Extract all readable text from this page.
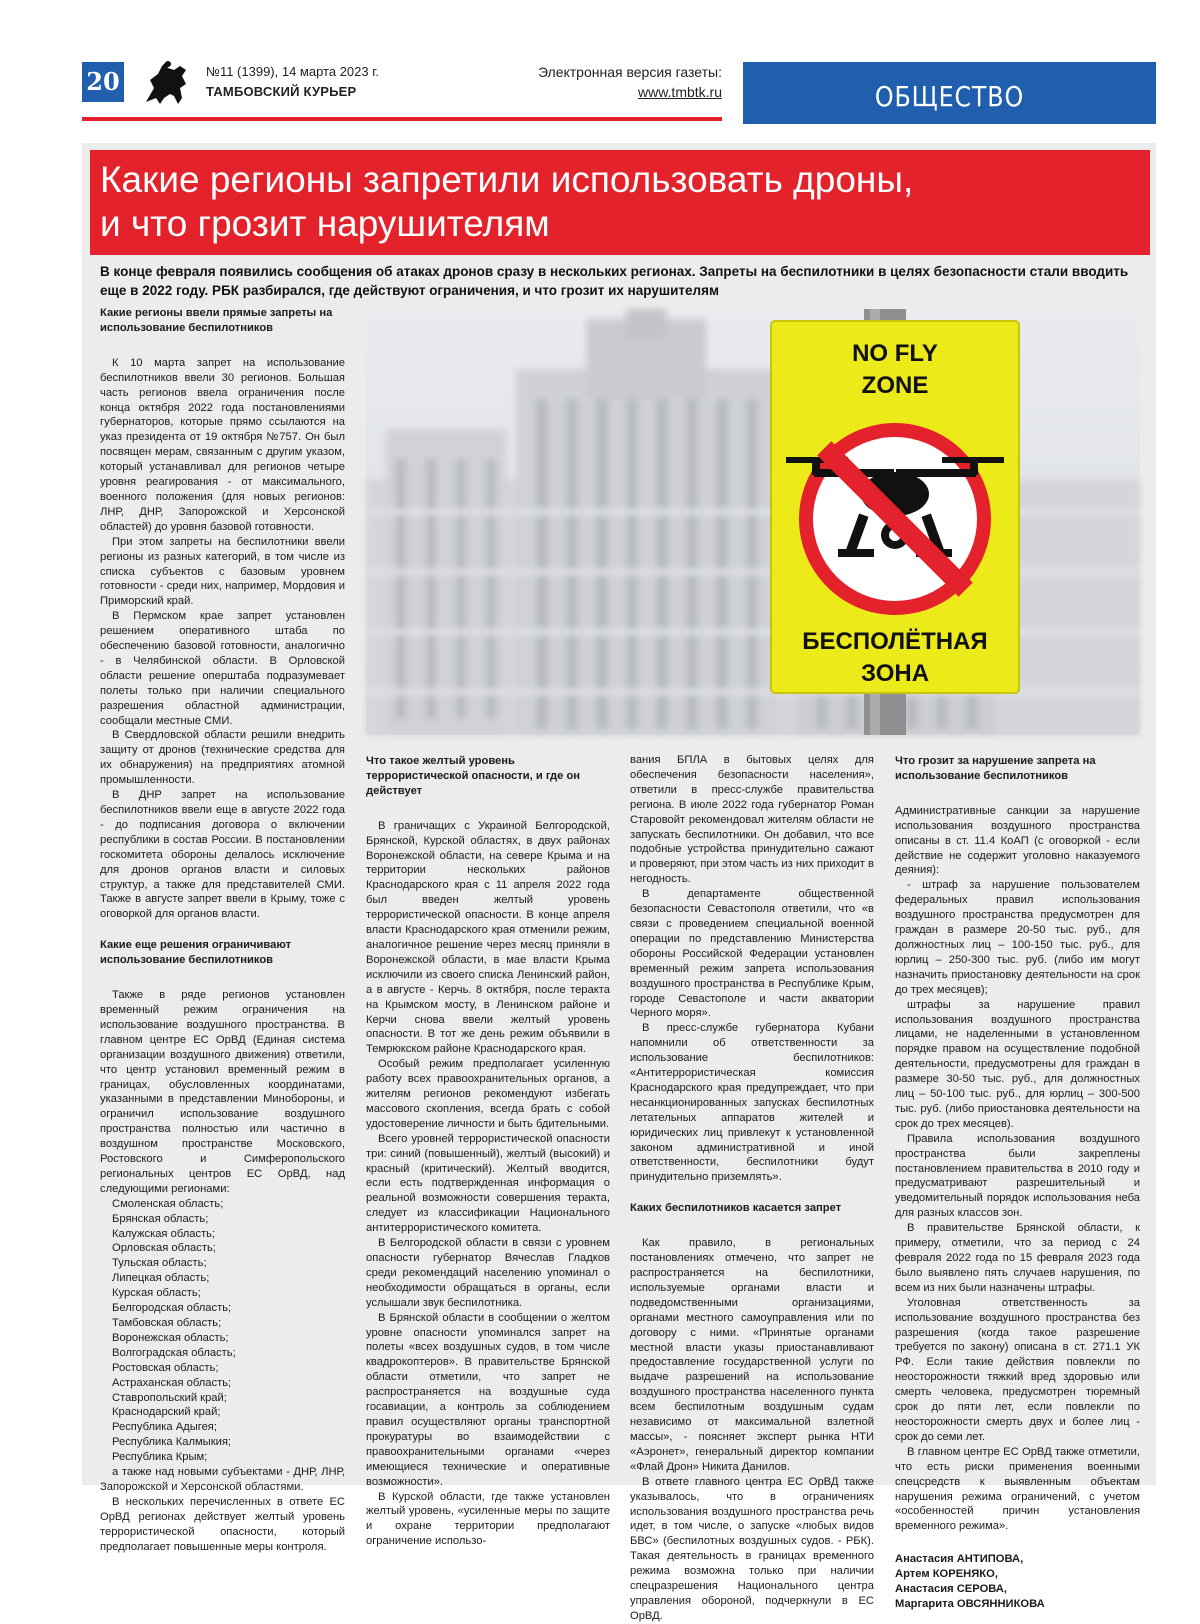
20	№11 (1399), 14 марта 2023 г.
ТАМБОВСКИЙ КУРЬЕР
Электронная версия газеты:
www.tmbtk.ru	ОБЩЕСТВО
Какие регионы запретили использовать дроны,
и что грозит нарушителям
В конце февраля появились сообщения об атаках дронов сразу в нескольких регионах. Запреты на беспилотники в целях безопасности стали вводить еще в 2022 году. РБК разбирался, где действуют ограничения, и что грозит их нарушителям
NO FLY
ZONE
БЕСПОЛЁТНАЯ
ЗОНА
Какие регионы ввели прямые запреты на использование беспилотников

К 10 марта запрет на использование беспилотников ввели 30 регионов. Большая часть регионов ввела ограничения после конца октября 2022 года постановлениями губернаторов, которые прямо ссылаются на указ президента от 19 октября №757. Он был посвящен мерам, связанным с другим указом, который устанавливал для регионов четыре уровня реагирования - от максимального, военного положения (для новых регионов: ЛНР, ДНР, Запорожской и Херсонской областей) до уровня базовой готовности.

При этом запреты на беспилотники ввели регионы из разных категорий, в том числе из списка субъектов с базовым уровнем готовности - среди них, например, Мордовия и Приморский край.

В Пермском крае запрет установлен решением оперативного штаба по обеспечению базовой готовности, аналогично - в Челябинской области. В Орловской области решение оперштаба подразумевает полеты только при наличии специального разрешения областной администрации, сообщали местные СМИ.

В Свердловской области решили внедрить защиту от дронов (технические средства для их обнаружения) на предприятиях атомной промышленности.

В ДНР запрет на использование беспилотников ввели еще в августе 2022 года - до подписания договора о включении республики в состав России. В постановлении госкомитета обороны делалось исключение для дронов органов власти и силовых структур, а также для представителей СМИ. Также в августе запрет ввели в Крыму, тоже с оговоркой для органов власти.

Какие еще решения ограничивают использование беспилотников

Также в ряде регионов установлен временный режим ограничения на использование воздушного пространства. В главном центре ЕС ОрВД (Единая система организации воздушного движения) ответили, что центр установил временный режим в границах, обусловленных координатами, указанными в представлении Минобороны, и ограничил использование воздушного пространства полностью или частично в воздушном пространстве Московского, Ростовского и Симферопольского региональных центров ЕС ОрВД, над следующими регионами:

Смоленская область;
Брянская область;
Калужская область;
Орловская область;
Тульская область;
Липецкая область;
Курская область;
Белгородская область;
Тамбовская область;
Воронежская область;
Волгоградская область;
Ростовская область;
Астраханская область;
Ставропольский край;
Краснодарский край;
Республика Адыгея;
Республика Калмыкия;
Республика Крым;

а также над новыми субъектами - ДНР, ЛНР, Запорожской и Херсонской областями.

В нескольких перечисленных в ответе ЕС ОрВД регионах действует желтый уровень террористической опасности, который предполагает повышенные меры контроля.

Что такое желтый уровень террористической опасности, и где он действует

В граничащих с Украиной Белгородской, Брянской, Курской областях, в двух районах Воронежской области, на севере Крыма и на территории нескольких районов Краснодарского края с 11 апреля 2022 года был введен желтый уровень террористической опасности. В конце апреля власти Краснодарского края отменили режим, аналогичное решение через месяц приняли в Воронежской области, в мае власти Крыма исключили из своего списка Ленинский район, а в августе - Керчь. 8 октября, после теракта на Крымском мосту, в Ленинском районе и Керчи снова ввели желтый уровень опасности. В тот же день режим объявили в Темрюкском районе Краснодарского края.

Особый режим предполагает усиленную работу всех правоохранительных органов, а жителям регионов рекомендуют избегать массового скопления, всегда брать с собой удостоверение личности и быть бдительными.

Всего уровней террористической опасности три: синий (повышенный), желтый (высокий) и красный (критический). Желтый вводится, если есть подтвержденная информация о реальной возможности совершения теракта, следует из классификации Национального антитеррористического комитета.

В Белгородской области в связи с уровнем опасности губернатор Вячеслав Гладков среди рекомендаций населению упоминал о необходимости обращаться в органы, если услышали звук беспилотника.

В Брянской области в сообщении о желтом уровне опасности упоминался запрет на полеты «всех воздушных судов, в том числе квадрокоптеров». В правительстве Брянской области отметили, что запрет не распространяется на воздушные суда госавиации, а контроль за соблюдением правил осуществляют органы транспортной прокуратуры во взаимодействии с правоохранительными органами «через имеющиеся технические и оперативные возможности».

В Курской области, где также установлен желтый уровень, «усиленные меры по защите и охране территории предполагают ограничение использо-

вания БПЛА в бытовых целях для обеспечения безопасности населения», ответили в пресс-службе правительства региона. В июле 2022 года губернатор Роман Старовойт рекомендовал жителям области не запускать беспилотники. Он добавил, что все подобные устройства принудительно сажают и проверяют, при этом часть из них приходит в негодность.

В департаменте общественной безопасности Севастополя ответили, что «в связи с проведением специальной военной операции по представлению Министерства обороны Российской Федерации установлен временный режим запрета использования воздушного пространства в Республике Крым, городе Севастополе и части акватории Черного моря».

В пресс-службе губернатора Кубани напомнили об ответственности за использование беспилотников: «Антитеррористическая комиссия Краснодарского края предупреждает, что при несанкционированных запусках беспилотных летательных аппаратов жителей и юридических лиц привлекут к установленной законом административной и иной ответственности, беспилотники будут принудительно приземлять».

Каких беспилотников касается запрет

Как правило, в региональных постановлениях отмечено, что запрет не распространяется на беспилотники, используемые органами власти и подведомственными организациями, органами местного самоуправления или по договору с ними. «Принятые органами местной власти указы приостанавливают предоставление государственной услуги по выдаче разрешений на использование воздушного пространства населенного пункта всем беспилотным воздушным судам независимо от максимальной взлетной массы», - поясняет эксперт рынка НТИ «Аэронет», генеральный директор компании «Флай Дрон» Никита Данилов.

В ответе главного центра ЕС ОрВД также указывалось, что в ограничениях использования воздушного пространства речь идет, в том числе, о запуске «любых видов БВС» (беспилотных воздушных судов. - РБК). Такая деятельность в границах временного режима возможна только при наличии спецразрешения Национального центра управления обороной, подчеркнули в ЕС ОрВД.

Что грозит за нарушение запрета на использование беспилотников

Административные санкции за нарушение использования воздушного пространства описаны в ст. 11.4 КоАП (с оговоркой - если действие не содержит уголовно наказуемого деяния):

- штраф за нарушение пользователем федеральных правил использования воздушного пространства предусмотрен для граждан в размере 20-50 тыс. руб., для должностных лиц – 100-150 тыс. руб., для юрлиц – 250-300 тыс. руб. (либо им могут назначить приостановку деятельности на срок до трех месяцев);

штрафы за нарушение правил использования воздушного пространства лицами, не наделенными в установленном порядке правом на осуществление подобной деятельности, предусмотрены для граждан в размере 30-50 тыс. руб., для должностных лиц – 50-100 тыс. руб., для юрлиц – 300-500 тыс. руб. (либо приостановка деятельности на срок до трех месяцев).

Правила использования воздушного пространства были закреплены постановлением правительства в 2010 году и предусматривают разрешительный и уведомительный порядок использования неба для разных классов зон.

В правительстве Брянской области, к примеру, отметили, что за период с 24 февраля 2022 года по 15 февраля 2023 года было выявлено пять случаев нарушения, по всем из них были назначены штрафы.

Уголовная ответственность за использование воздушного пространства без разрешения (когда такое разрешение требуется по закону) описана в ст. 271.1 УК РФ. Если такие действия повлекли по неосторожности тяжкий вред здоровью или смерть человека, предусмотрен тюремный срок до пяти лет, если повлекли по неосторожности смерть двух и более лиц - срок до семи лет.

В главном центре ЕС ОрВД также отметили, что есть риски применения военными спецсредств к выявленным объектам нарушения режима ограничений, с учетом «особенностей причин установления временного режима».

Анастасия АНТИПОВА,
Артем КОРЕНЯКО,
Анастасия СЕРОВА,
Маргарита ОВСЯННИКОВА
